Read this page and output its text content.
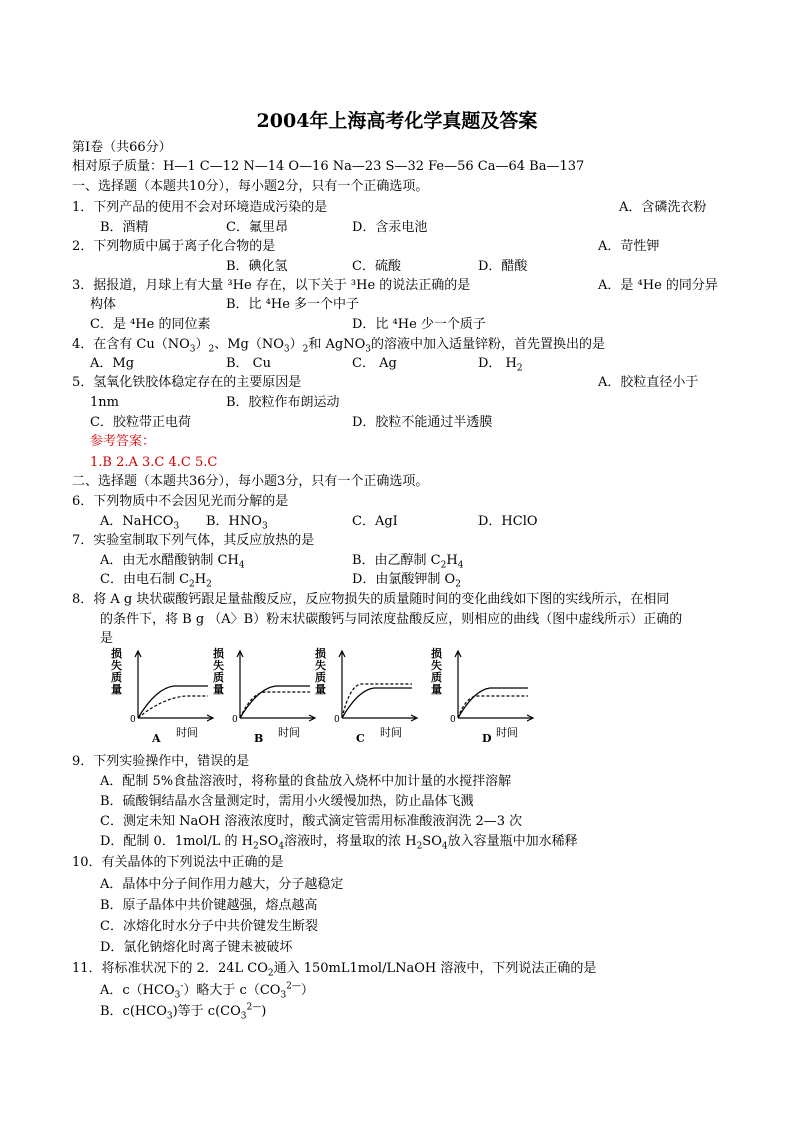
2004年上海高考化学真题及答案
第Ⅰ卷（共66分）
相对原子质量：H—1 C—12 N—14 O—16 Na—23 S—32 Fe—56 Ca—64 Ba—137
一、选择题（本题共10分），每小题2分，只有一个正确选项。
1．下列产品的使用不会对环境造成污染的是	A．含磷洗衣粉
B．酒精	C．氟里昂	D．含汞电池
2．下列物质中属于离子化合物的是	A．苛性钾
B．碘化氢	C．硫酸	D．醋酸
3．据报道，月球上有大量 ³He 存在，以下关于 ³He 的说法正确的是	A．是 ⁴He 的同分异
构体	B．比 ⁴He 多一个中子
C．是 ⁴He 的同位素	D．比 ⁴He 少一个质子
4．在含有 $Cu(NO_3)_2$、$Mg(NO_3)_2$和 AgNO$_3$的溶液中加入适量锌粉，首先置换出的是
A．Mg	B． Cu	C． Ag	D． $H_2$
5．氢氧化铁胶体稳定存在的主要原因是	A．胶粒直径小于
1nm	B．胶粒作布朗运动
C．胶粒带正电荷	D．胶粒不能通过半透膜
参考答案：
1.B 2.A 3.C 4.C 5.C
二、选择题（本题共36分），每小题3分，只有一个正确选项。
6．下列物质中不会因见光而分解的是
A．NaHCO$_3$ B．$HNO_3$	C．AgI	D．HClO
7．实验室制取下列气体，其反应放热的是
A．由无水醋酸钠制 $CH_4$	B．由乙醇制 $C_2H_4$
C．由电石制 $C_2H_2$	D．由氯酸钾制 $O_2$
8．将 A g 块状碳酸钙跟足量盐酸反应，反应物损失的质量随时间的变化曲线如下图的实线所示，在相同
的条件下，将 B g （A〉B）粉末状碳酸钙与同浓度盐酸反应，则相应的曲线（图中虚线所示）正确的
是
损
失
质
量
0
时间
A
损
失
质
量
0
时间
B
损
失
质
量
0
时间
C
损
失
质
量
0
时间
D
9．下列实验操作中，错误的是
A．配制 5%食盐溶液时，将称量的食盐放入烧杯中加计量的水搅拌溶解
B．硫酸铜结晶水含量测定时，需用小火缓慢加热，防止晶体飞溅
C．测定未知 NaOH 溶液浓度时，酸式滴定管需用标准酸液润洗 2—3 次
D．配制 0．1mol/L 的 $H_2SO_4$溶液时，将量取的浓 $H_2SO_4$放入容量瓶中加水稀释
10．有关晶体的下列说法中正确的是
A．晶体中分子间作用力越大，分子越稳定
B．原子晶体中共价键越强，熔点越高
C．冰熔化时水分子中共价键发生断裂
D．氯化钠熔化时离子键未被破坏
11．将标准状况下的 2．24L $CO_2$通入 150mL1mol/LNaOH 溶液中，下列说法正确的是
A．$c(HCO_3^-)$略大于 $c(CO_3^{2—})$
B．$c(HCO_3)$等于 $c(CO_3^{2—})$
